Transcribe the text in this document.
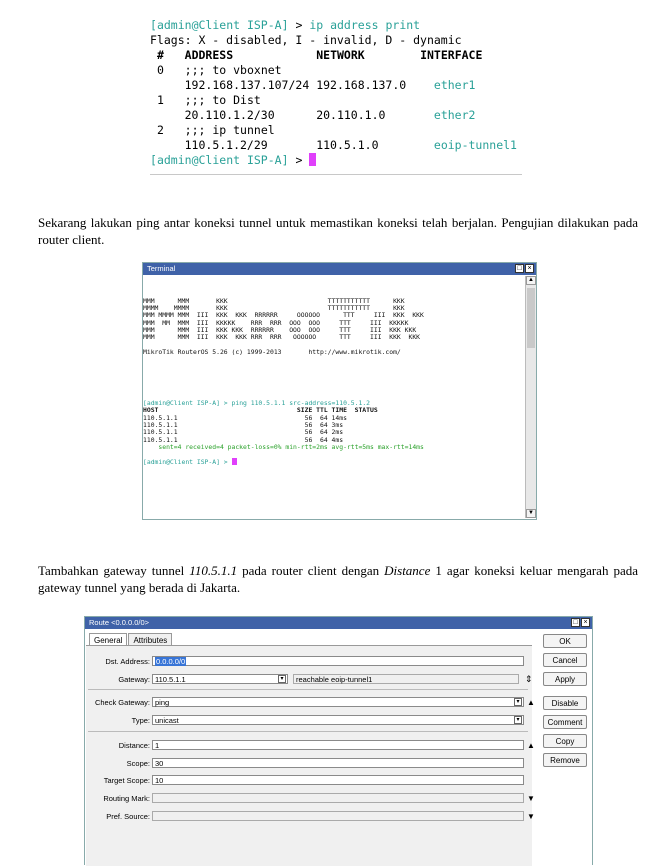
[admin@Client ISP-A] > ip address print
Flags: X - disabled, I - invalid, D - dynamic
# ADDRESS	NETWORK	INTERFACE
0 ;;; to vboxnet
192.168.137.107/24 192.168.137.0 ether1
1 ;;; to Dist
20.110.1.2/30	20.110.1.0	ether2
2 ;;; ip tunnel
110.5.1.2/29	110.5.1.0	eoip-tunnel1
[admin@Client ISP-A] >
Sekarang lakukan ping antar koneksi tunnel untuk memastikan koneksi telah berjalan. Pengujian dilakukan pada router client.
Terminal	□ ×

MMM      MMM       KKK                          TTTTTTTTTTT      KKK
MMMM    MMMM       KKK                          TTTTTTTTTTT      KKK
MMM MMMM MMM  III  KKK  KKK  RRRRRR     OOOOOO      TTT     III  KKK  KKK
MMM  MM  MMM  III  KKKKK    RRR  RRR  OOO  OOO     TTT     III  KKKKK
MMM      MMM  III  KKK KKK  RRRRRR    OOO  OOO     TTT     III  KKK KKK
MMM      MMM  III  KKK  KKK RRR  RRR   OOOOOO      TTT     III  KKK  KKK

MikroTik RouterOS 5.26 (c) 1999-2013       http://www.mikrotik.com/

[admin@Client ISP-A] > ping 110.5.1.1 src-address=110.5.1.2
HOST                                    SIZE TTL TIME  STATUS
110.5.1.1                                 56  64 14ms
110.5.1.1                                 56  64 3ms
110.5.1.1                                 56  64 2ms
110.5.1.1                                 56  64 4ms
sent=4 received=4 packet-loss=0% min-rtt=2ms avg-rtt=5ms max-rtt=14ms

[admin@Client ISP-A] >
▲
▼
Tambahkan gateway tunnel 110.5.1.1 pada router client dengan Distance 1 agar koneksi keluar mengarah pada gateway tunnel yang berada di Jakarta.
Route <0.0.0.0/0>	□ ×
General	Attributes
Dst. Address: 0.0.0.0/0
Gateway: 110.5.1.1	▾	reachable eoip-tunnel1	⇕
Check Gateway: ping	▾ ▲
Type: unicast	▾
Distance: 1	▲
Scope: 30
Target Scope: 10
Routing Mark:	▼
Pref. Source:	▼
OK
Cancel
Apply
Disable
Comment
Copy
Remove
